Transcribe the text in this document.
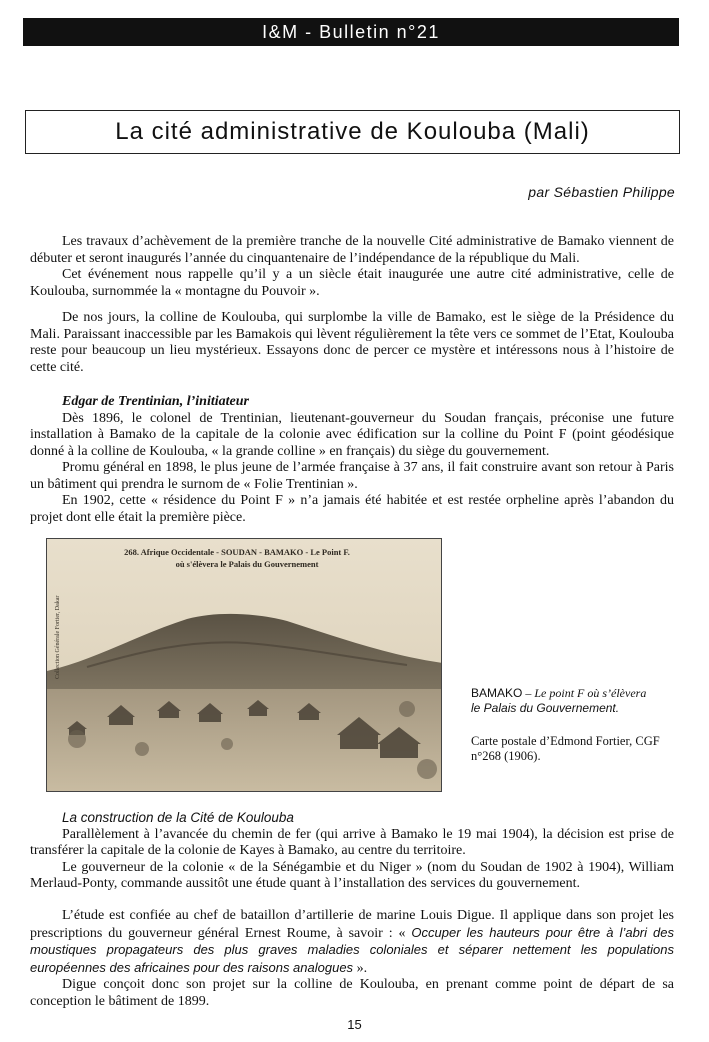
I&M - Bulletin n°21
La cité administrative de Koulouba (Mali)
par Sébastien Philippe

Les travaux d’achèvement de la première tranche de la nouvelle Cité administrative de Bamako viennent de débuter et seront inaugurés l’année du cinquantenaire de l’indépendance de la république du Mali.

Cet événement nous rappelle qu’il y a un siècle était inaugurée une autre cité administrative, celle de Koulouba, surnommée la « montagne du Pouvoir ».

De nos jours, la colline de Koulouba, qui surplombe la ville de Bamako, est le siège de la Présidence du Mali. Paraissant inaccessible par les Bamakois qui lèvent régulièrement la tête vers ce sommet de l’Etat, Koulouba reste pour beaucoup un lieu mystérieux. Essayons donc de percer ce mystère et intéressons nous à l’histoire de cette cité.

Edgar de Trentinian, l’initiateur

Dès 1896, le colonel de Trentinian, lieutenant-gouverneur du Soudan français, préconise une future installation à Bamako de la capitale de la colonie avec édification sur la colline du Point F (point géodésique donné à la colline de Koulouba, « la grande colline » en français) du siège du gouvernement.

Promu général en 1898, le plus jeune de l’armée française à 37 ans, il fait construire avant son retour à Paris un bâtiment qui prendra le surnom de « Folie Trentinian ».

En 1902, cette « résidence du Point F » n’a jamais été habitée et est restée orpheline après l’abandon du projet dont elle était la première pièce.

268. Afrique Occidentale - SOUDAN - BAMAKO - Le Point F.
où s'élèvera le Palais du Gouvernement
Collection Générale Fortier, Dakar
BAMAKO – Le point F où s’élèvera
le Palais du Gouvernement.
Carte postale d’Edmond Fortier, CGF n°268 (1906).

La construction de la Cité de Koulouba

Parallèlement à l’avancée du chemin de fer (qui arrive à Bamako le 19 mai 1904), la décision est prise de transférer la capitale de la colonie de Kayes à Bamako, au centre du territoire.

Le gouverneur de la colonie « de la Sénégambie et du Niger » (nom du Soudan de 1902 à 1904), William Merlaud-Ponty, commande aussitôt une étude quant à l’installation des services du gouvernement.

L’étude est confiée au chef de bataillon d’artillerie de marine Louis Digue. Il applique dans son projet les prescriptions du gouverneur général Ernest Roume, à savoir : « Occuper les hauteurs pour être à l’abri des moustiques propagateurs des plus graves maladies coloniales et séparer nettement les populations européennes des africaines pour des raisons analogues ».

Digue conçoit donc son projet sur la colline de Koulouba, en prenant comme point de départ de sa conception le bâtiment de 1899.

15
